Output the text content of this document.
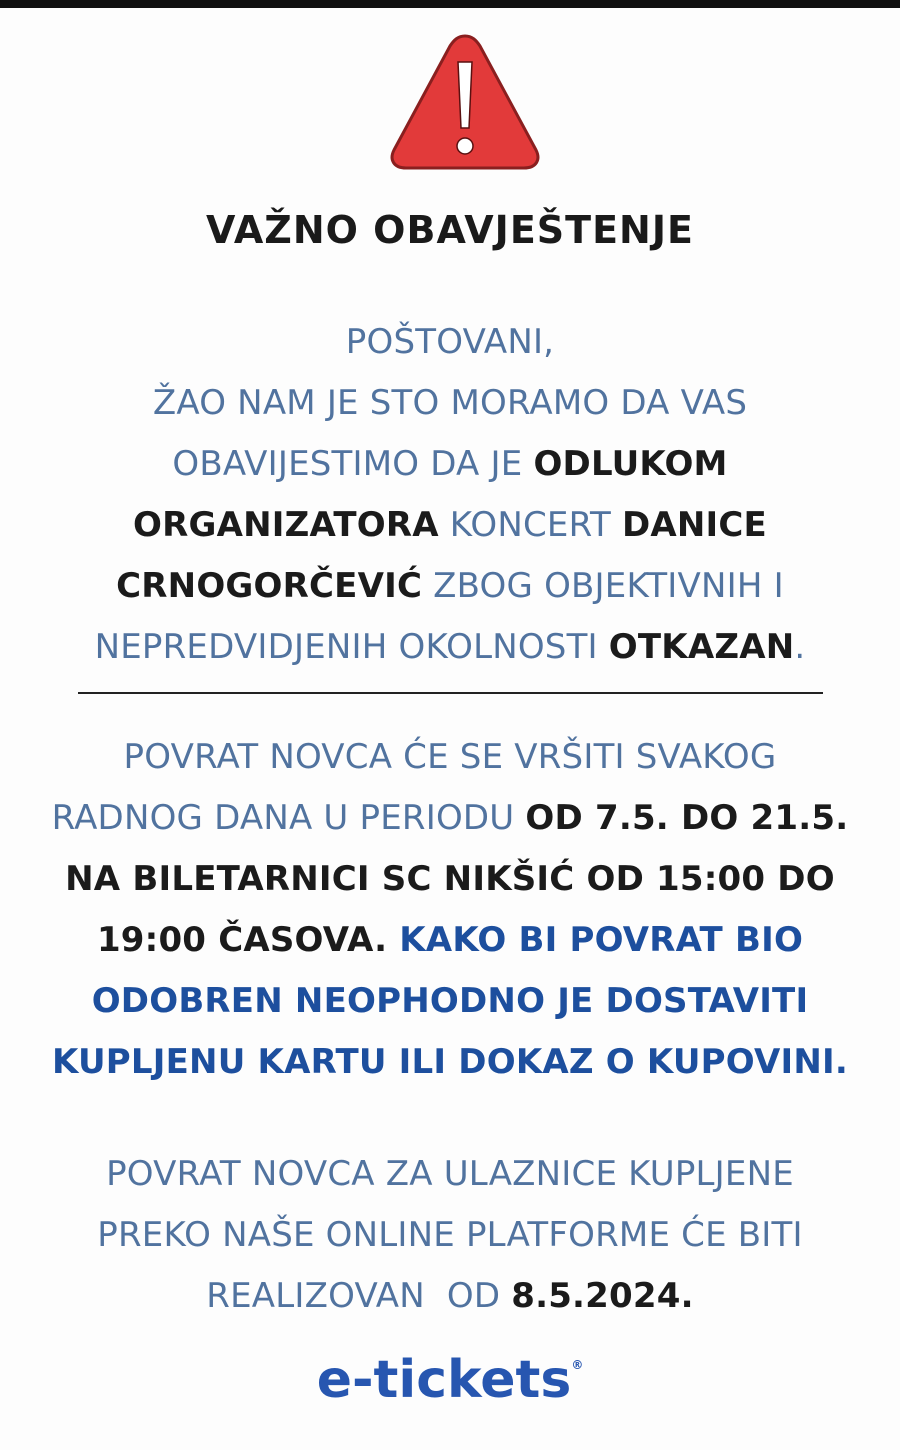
VAŽNO OBAVJEŠTENJE
POŠTOVANI,
ŽAO NAM JE STO MORAMO DA VAS
OBAVIJESTIMO DA JE ODLUKOM
ORGANIZATORA KONCERT DANICE
CRNOGORČEVIĆ ZBOG OBJEKTIVNIH I
NEPREDVIDJENIH OKOLNOSTI OTKAZAN.
POVRAT NOVCA ĆE SE VRŠITI SVAKOG
RADNOG DANA U PERIODU OD 7.5. DO 21.5.
NA BILETARNICI SC NIKŠIĆ OD 15:00 DO
19:00 ČASOVA. KAKO BI POVRAT BIO
ODOBREN NEOPHODNO JE DOSTAVITI
KUPLJENU KARTU ILI DOKAZ O KUPOVINI.
POVRAT NOVCA ZA ULAZNICE KUPLJENE
PREKO NAŠE ONLINE PLATFORME ĆE BITI
REALIZOVAN  OD 8.5.2024.
e-tickets®
